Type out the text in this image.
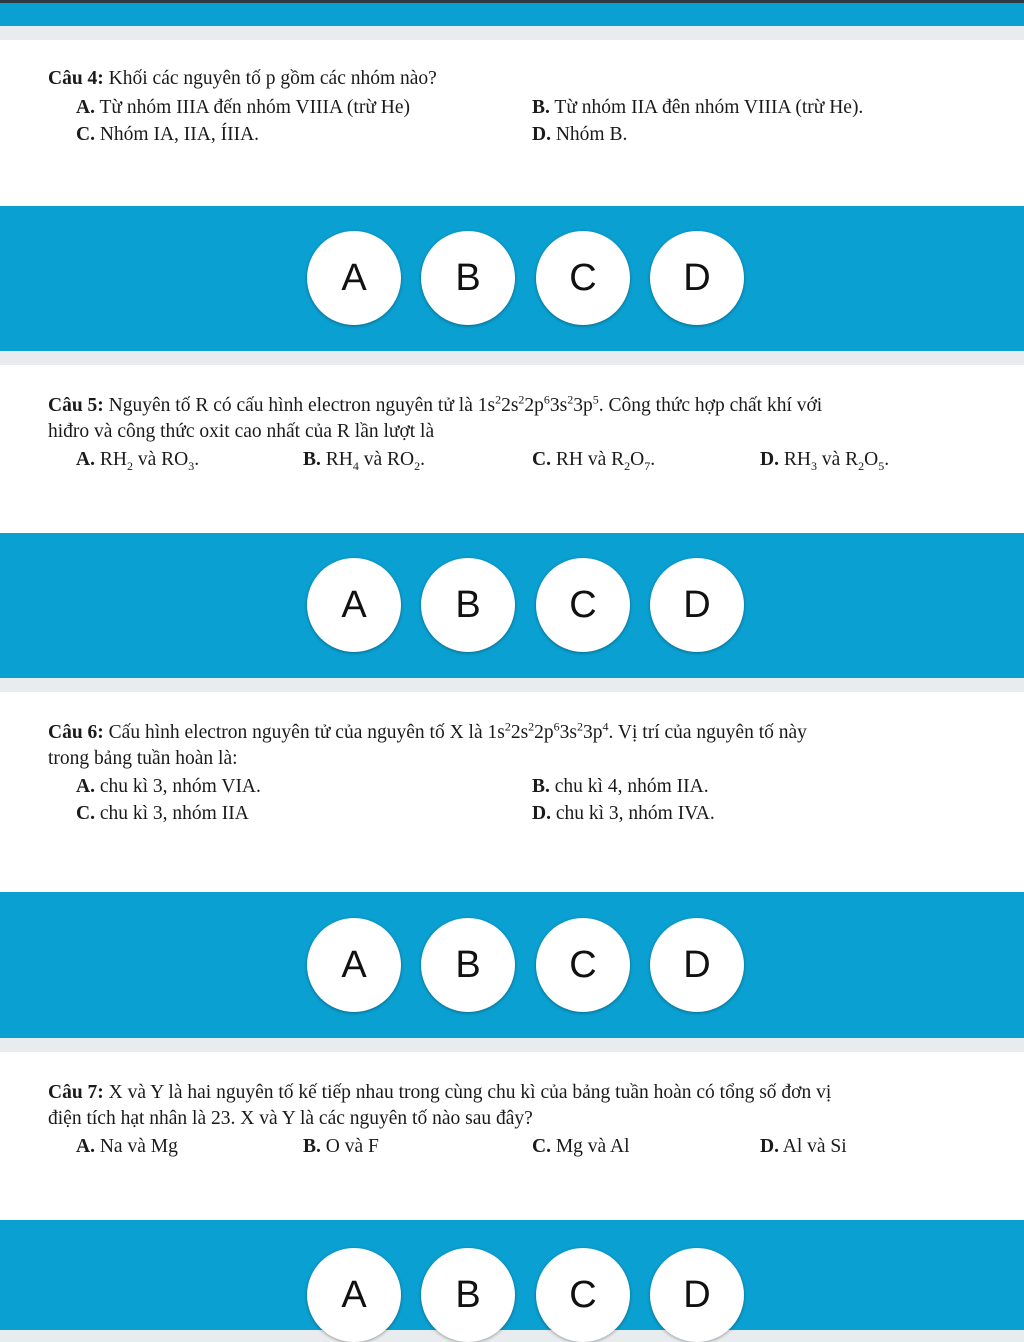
Câu 4: Khối các nguyên tố p gồm các nhóm nào?
A. Từ nhóm IIIA đến nhóm VIIIA (trừ He)	B. Từ nhóm IIA đên nhóm VIIIA (trừ He).
C. Nhóm IA, IIA, ÍIIA.	D. Nhóm B.
A	B	C	D
Câu 5: Nguyên tố R có cấu hình electron nguyên tử là $1s^22s^22p^63s^23p^5$. Công thức hợp chất khí với
hiđro và công thức oxit cao nhất của R lần lượt là
A. $RH_2$ và $RO_3$.	B. $RH_4$ và $RO_2$.	C. RH và $R_2O_7$.	D. $RH_3$ và $R_2O_5$.
A	B	C	D
Câu 6: Cấu hình electron nguyên tử của nguyên tố X là $1s^22s^22p^63s^23p^4$. Vị trí của nguyên tố này
trong bảng tuần hoàn là:
A. chu kì 3, nhóm VIA.	B. chu kì 4, nhóm IIA.
C. chu kì 3, nhóm IIA	D. chu kì 3, nhóm IVA.
A	B	C	D
Câu 7: X và Y là hai nguyên tố kế tiếp nhau trong cùng chu kì của bảng tuần hoàn có tổng số đơn vị
điện tích hạt nhân là 23. X và Y là các nguyên tố nào sau đây?
A. Na và Mg	B. O và F	C. Mg và Al	D. Al và Si
A	B	C	D
